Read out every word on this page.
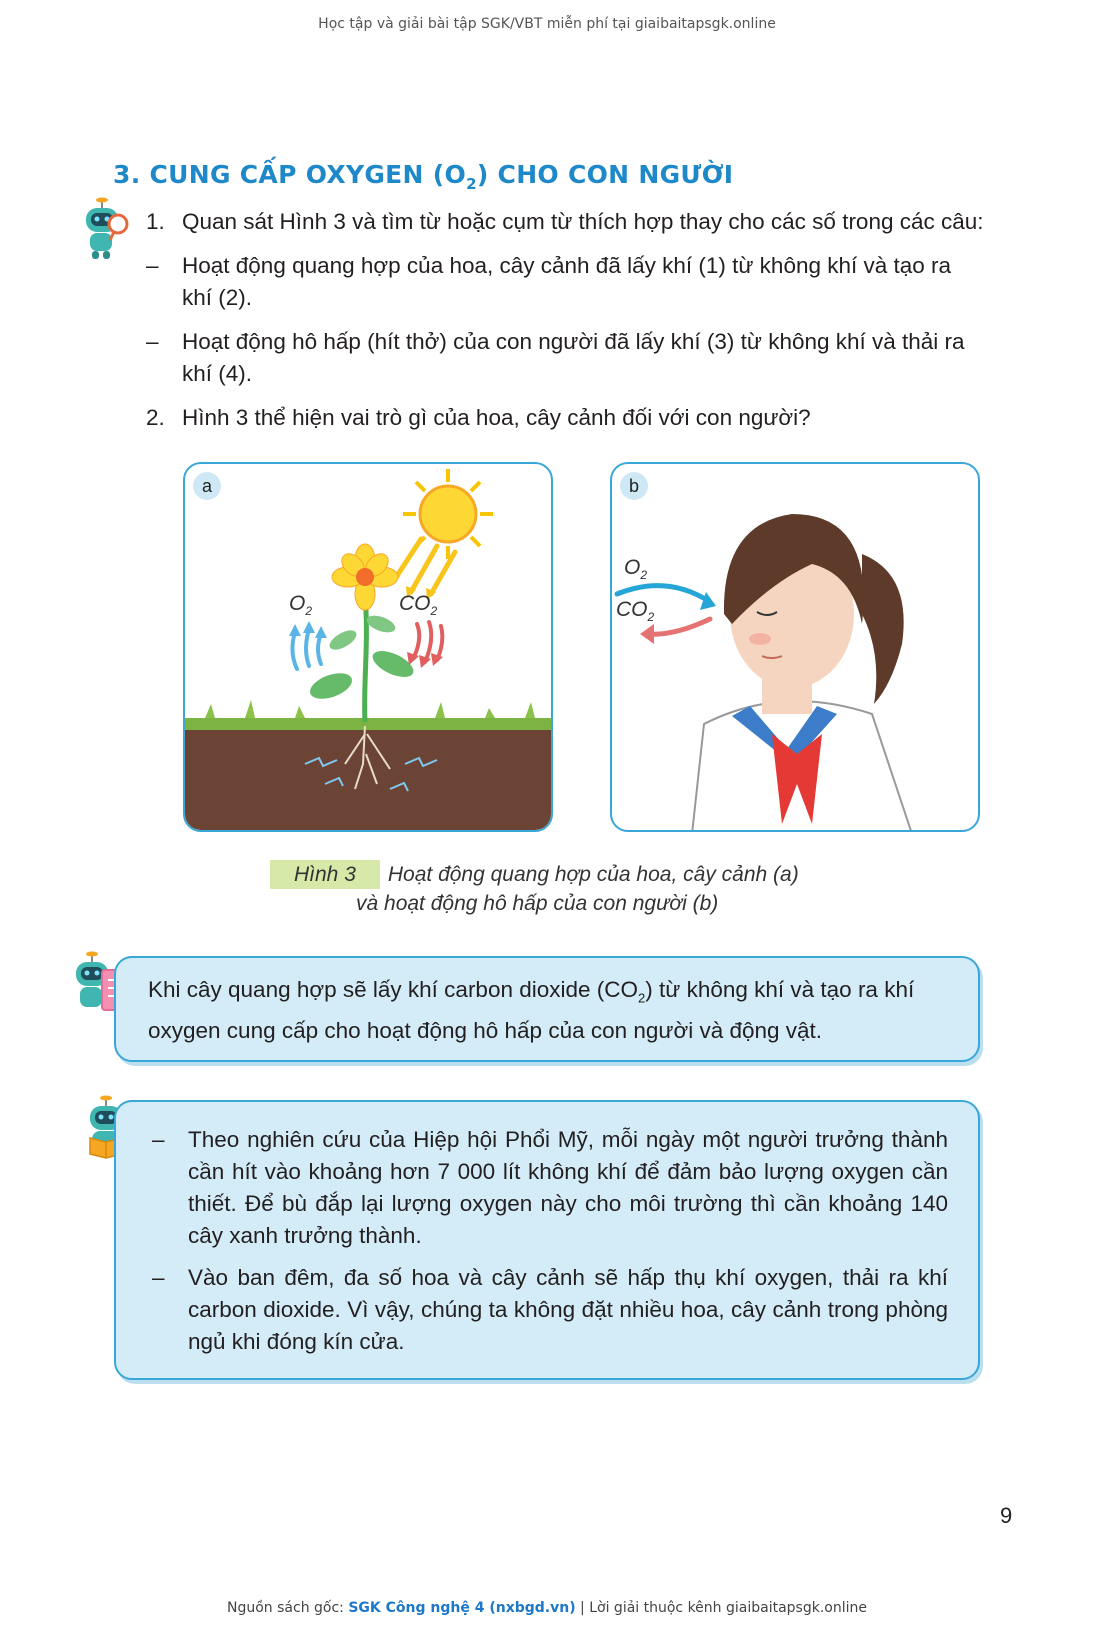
Học tập và giải bài tập SGK/VBT miễn phí tại giaibaitapsgk.online
3. CUNG CẤP OXYGEN $(O_2)$ CHO CON NGƯỜI
1. Quan sát Hình 3 và tìm từ hoặc cụm từ thích hợp thay cho các số trong các câu:
– Hoạt động quang hợp của hoa, cây cảnh đã lấy khí (1) từ không khí và tạo ra khí (2).
– Hoạt động hô hấp (hít thở) của con người đã lấy khí (3) từ không khí và thải ra khí (4).
2. Hình 3 thể hiện vai trò gì của hoa, cây cảnh đối với con người?
a
$O_2$	$CO_2$
b
$O_2$
$CO_2$
Hình 3 Hoạt động quang hợp của hoa, cây cảnh (a)
và hoạt động hô hấp của con người (b)
Khi cây quang hợp sẽ lấy khí carbon dioxide $(CO_2)$ từ không khí và tạo ra khí oxygen cung cấp cho hoạt động hô hấp của con người và động vật.
– Theo nghiên cứu của Hiệp hội Phổi Mỹ, mỗi ngày một người trưởng thành cần hít vào khoảng hơn 7 000 lít không khí để đảm bảo lượng oxygen cần thiết. Để bù đắp lại lượng oxygen này cho môi trường thì cần khoảng 140 cây xanh trưởng thành.
– Vào ban đêm, đa số hoa và cây cảnh sẽ hấp thụ khí oxygen, thải ra khí carbon dioxide. Vì vậy, chúng ta không đặt nhiều hoa, cây cảnh trong phòng ngủ khi đóng kín cửa.
9
Nguồn sách gốc: SGK Công nghệ 4 (nxbgd.vn) | Lời giải thuộc kênh giaibaitapsgk.online
